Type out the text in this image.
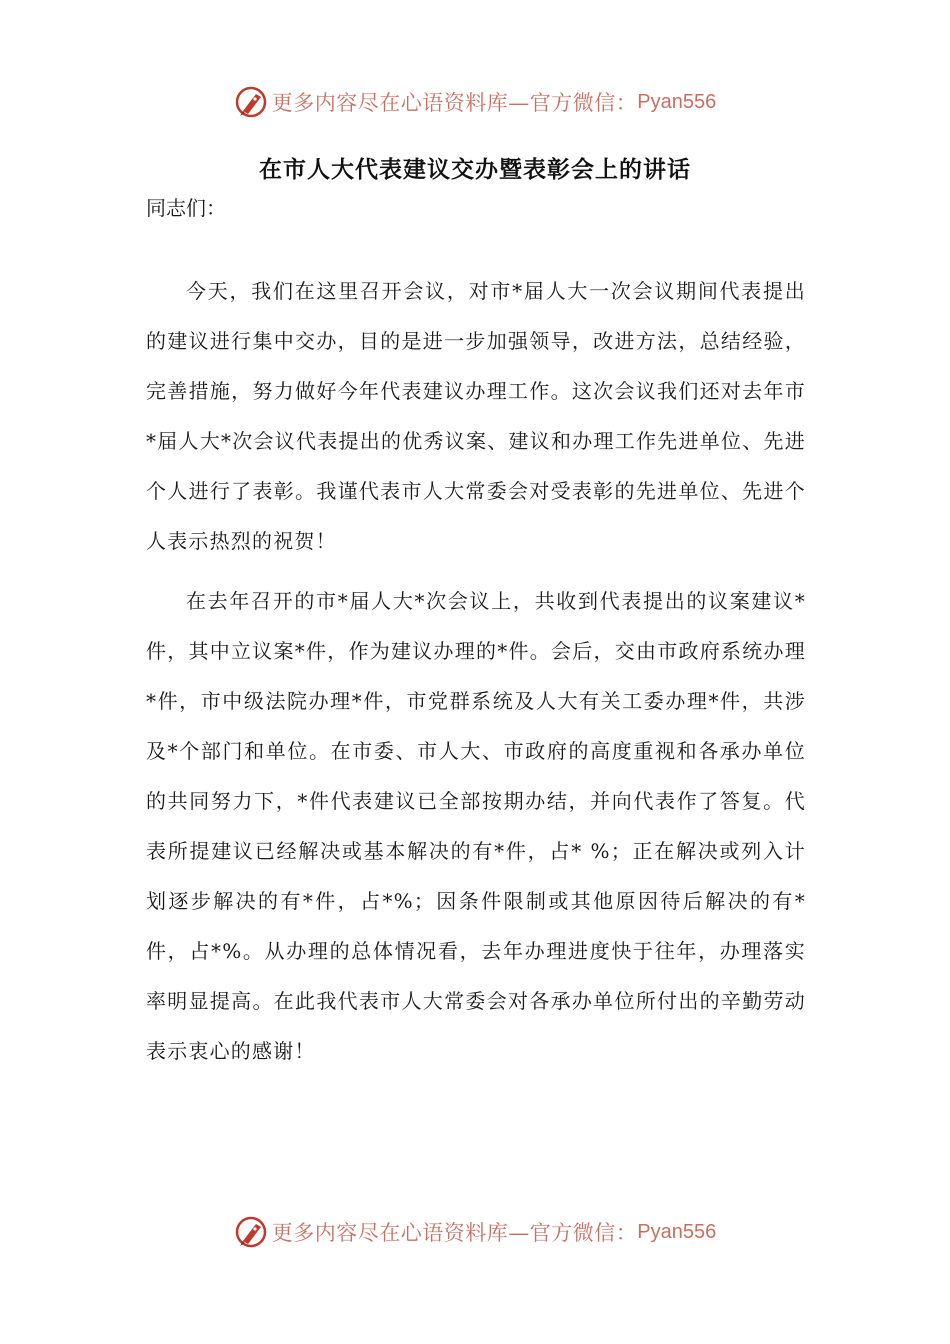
更多内容尽在心语资料库—官方微信： Pyan556
在市人大代表建议交办暨表彰会上的讲话

同志们：

今天，我们在这里召开会议，对市*届人大一次会议期间代表提出的建议进行集中交办，目的是进一步加强领导，改进方法，总结经验，完善措施，努力做好今年代表建议办理工作。这次会议我们还对去年市*届人大*次会议代表提出的优秀议案、建议和办理工作先进单位、先进个人进行了表彰。我谨代表市人大常委会对受表彰的先进单位、先进个人表示热烈的祝贺！

在去年召开的市*届人大*次会议上，共收到代表提出的议案建议*件，其中立议案*件，作为建议办理的*件。会后，交由市政府系统办理*件，市中级法院办理*件，市党群系统及人大有关工委办理*件，共涉及*个部门和单位。在市委、市人大、市政府的高度重视和各承办单位的共同努力下，*件代表建议已全部按期办结，并向代表作了答复。代表所提建议已经解决或基本解决的有*件，占* %；正在解决或列入计划逐步解决的有*件，占*%；因条件限制或其他原因待后解决的有*件，占*%。从办理的总体情况看，去年办理进度快于往年，办理落实率明显提高。在此我代表市人大常委会对各承办单位所付出的辛勤劳动表示衷心的感谢！

更多内容尽在心语资料库—官方微信： Pyan556
